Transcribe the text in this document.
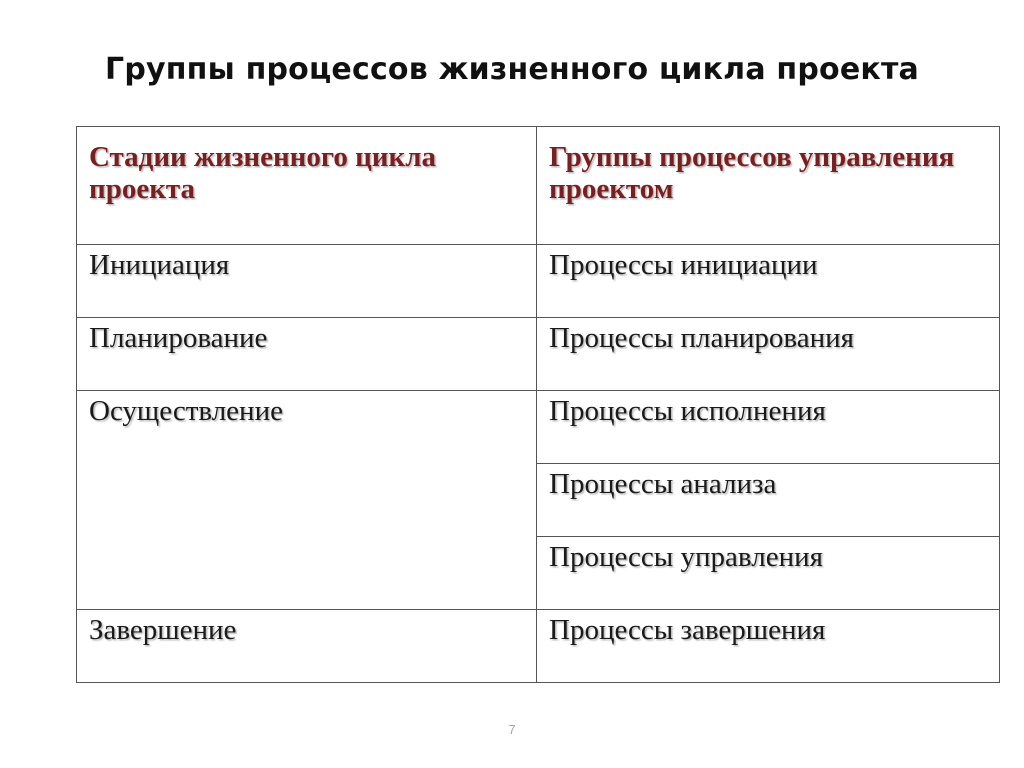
Группы процессов жизненного цикла проекта
Стадии жизненного цикла проекта	Группы процессов управления проектом
Инициация	Процессы инициации
Планирование	Процессы планирования
Осуществление	Процессы исполнения
	Процессы анализа
	Процессы управления
Завершение	Процессы завершения
7
